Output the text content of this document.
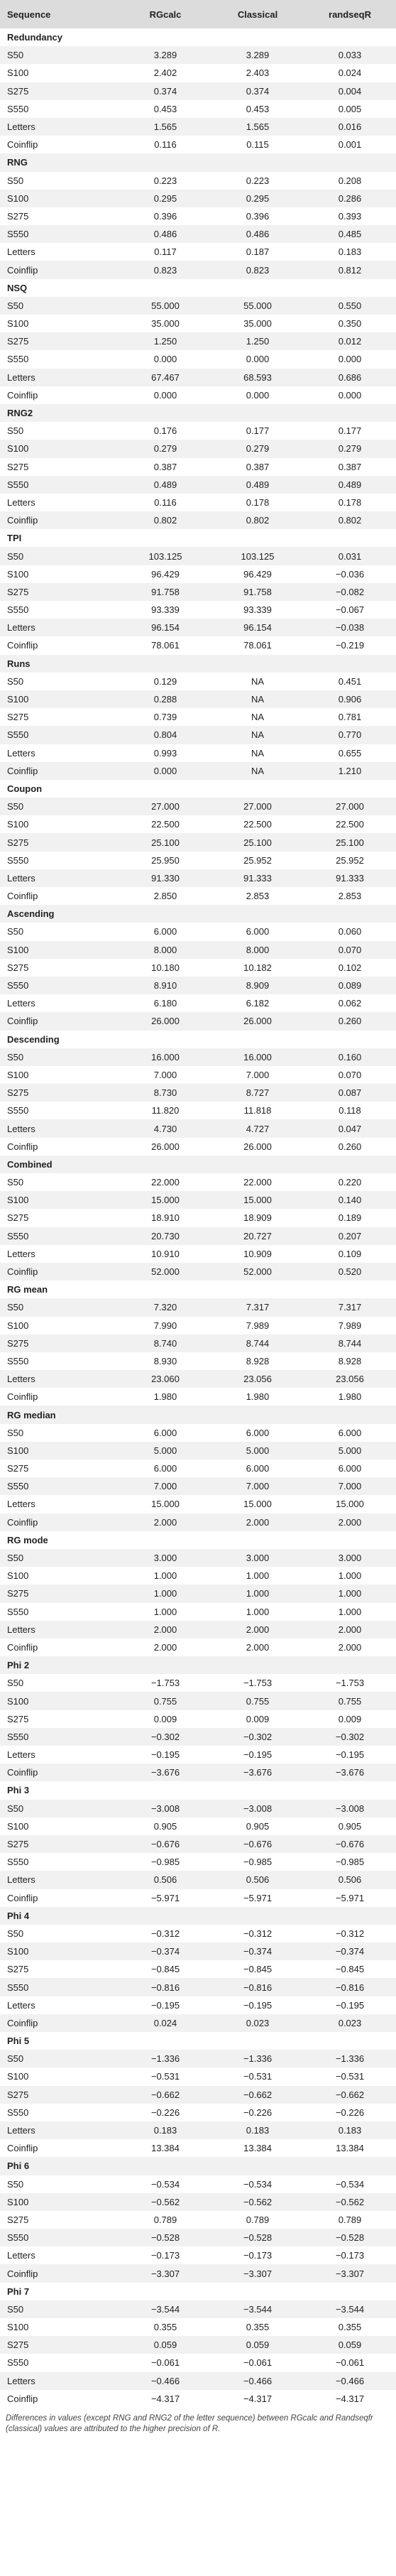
Sequence	RGcalc	Classical	randseqR
Redundancy			
S50	3.289	3.289	0.033
S100	2.402	2.403	0.024
S275	0.374	0.374	0.004
S550	0.453	0.453	0.005
Letters	1.565	1.565	0.016
Coinflip	0.116	0.115	0.001
RNG			
S50	0.223	0.223	0.208
S100	0.295	0.295	0.286
S275	0.396	0.396	0.393
S550	0.486	0.486	0.485
Letters	0.117	0.187	0.183
Coinflip	0.823	0.823	0.812
NSQ			
S50	55.000	55.000	0.550
S100	35.000	35.000	0.350
S275	1.250	1.250	0.012
S550	0.000	0.000	0.000
Letters	67.467	68.593	0.686
Coinflip	0.000	0.000	0.000
RNG2			
S50	0.176	0.177	0.177
S100	0.279	0.279	0.279
S275	0.387	0.387	0.387
S550	0.489	0.489	0.489
Letters	0.116	0.178	0.178
Coinflip	0.802	0.802	0.802
TPI			
S50	103.125	103.125	0.031
S100	96.429	96.429	−0.036
S275	91.758	91.758	−0.082
S550	93.339	93.339	−0.067
Letters	96.154	96.154	−0.038
Coinflip	78.061	78.061	−0.219
Runs			
S50	0.129	NA	0.451
S100	0.288	NA	0.906
S275	0.739	NA	0.781
S550	0.804	NA	0.770
Letters	0.993	NA	0.655
Coinflip	0.000	NA	1.210
Coupon			
S50	27.000	27.000	27.000
S100	22.500	22.500	22.500
S275	25.100	25.100	25.100
S550	25.950	25.952	25.952
Letters	91.330	91.333	91.333
Coinflip	2.850	2.853	2.853
Ascending			
S50	6.000	6.000	0.060
S100	8.000	8.000	0.070
S275	10.180	10.182	0.102
S550	8.910	8.909	0.089
Letters	6.180	6.182	0.062
Coinflip	26.000	26.000	0.260
Descending			
S50	16.000	16.000	0.160
S100	7.000	7.000	0.070
S275	8.730	8.727	0.087
S550	11.820	11.818	0.118
Letters	4.730	4.727	0.047
Coinflip	26.000	26.000	0.260
Combined			
S50	22.000	22.000	0.220
S100	15.000	15.000	0.140
S275	18.910	18.909	0.189
S550	20.730	20.727	0.207
Letters	10.910	10.909	0.109
Coinflip	52.000	52.000	0.520
RG mean			
S50	7.320	7.317	7.317
S100	7.990	7.989	7.989
S275	8.740	8.744	8.744
S550	8.930	8.928	8.928
Letters	23.060	23.056	23.056
Coinflip	1.980	1.980	1.980
RG median			
S50	6.000	6.000	6.000
S100	5.000	5.000	5.000
S275	6.000	6.000	6.000
S550	7.000	7.000	7.000
Letters	15.000	15.000	15.000
Coinflip	2.000	2.000	2.000
RG mode			
S50	3.000	3.000	3.000
S100	1.000	1.000	1.000
S275	1.000	1.000	1.000
S550	1.000	1.000	1.000
Letters	2.000	2.000	2.000
Coinflip	2.000	2.000	2.000
Phi 2			
S50	−1.753	−1.753	−1.753
S100	0.755	0.755	0.755
S275	0.009	0.009	0.009
S550	−0.302	−0.302	−0.302
Letters	−0.195	−0.195	−0.195
Coinflip	−3.676	−3.676	−3.676
Phi 3			
S50	−3.008	−3.008	−3.008
S100	0.905	0.905	0.905
S275	−0.676	−0.676	−0.676
S550	−0.985	−0.985	−0.985
Letters	0.506	0.506	0.506
Coinflip	−5.971	−5.971	−5.971
Phi 4			
S50	−0.312	−0.312	−0.312
S100	−0.374	−0.374	−0.374
S275	−0.845	−0.845	−0.845
S550	−0.816	−0.816	−0.816
Letters	−0.195	−0.195	−0.195
Coinflip	0.024	0.023	0.023
Phi 5			
S50	−1.336	−1.336	−1.336
S100	−0.531	−0.531	−0.531
S275	−0.662	−0.662	−0.662
S550	−0.226	−0.226	−0.226
Letters	0.183	0.183	0.183
Coinflip	13.384	13.384	13.384
Phi 6			
S50	−0.534	−0.534	−0.534
S100	−0.562	−0.562	−0.562
S275	0.789	0.789	0.789
S550	−0.528	−0.528	−0.528
Letters	−0.173	−0.173	−0.173
Coinflip	−3.307	−3.307	−3.307
Phi 7			
S50	−3.544	−3.544	−3.544
S100	0.355	0.355	0.355
S275	0.059	0.059	0.059
S550	−0.061	−0.061	−0.061
Letters	−0.466	−0.466	−0.466
Coinflip	−4.317	−4.317	−4.317
Differences in values (except RNG and RNG2 of the letter sequence) between RGcalc and Randseqfr (classical) values are attributed to the higher precision of R.
